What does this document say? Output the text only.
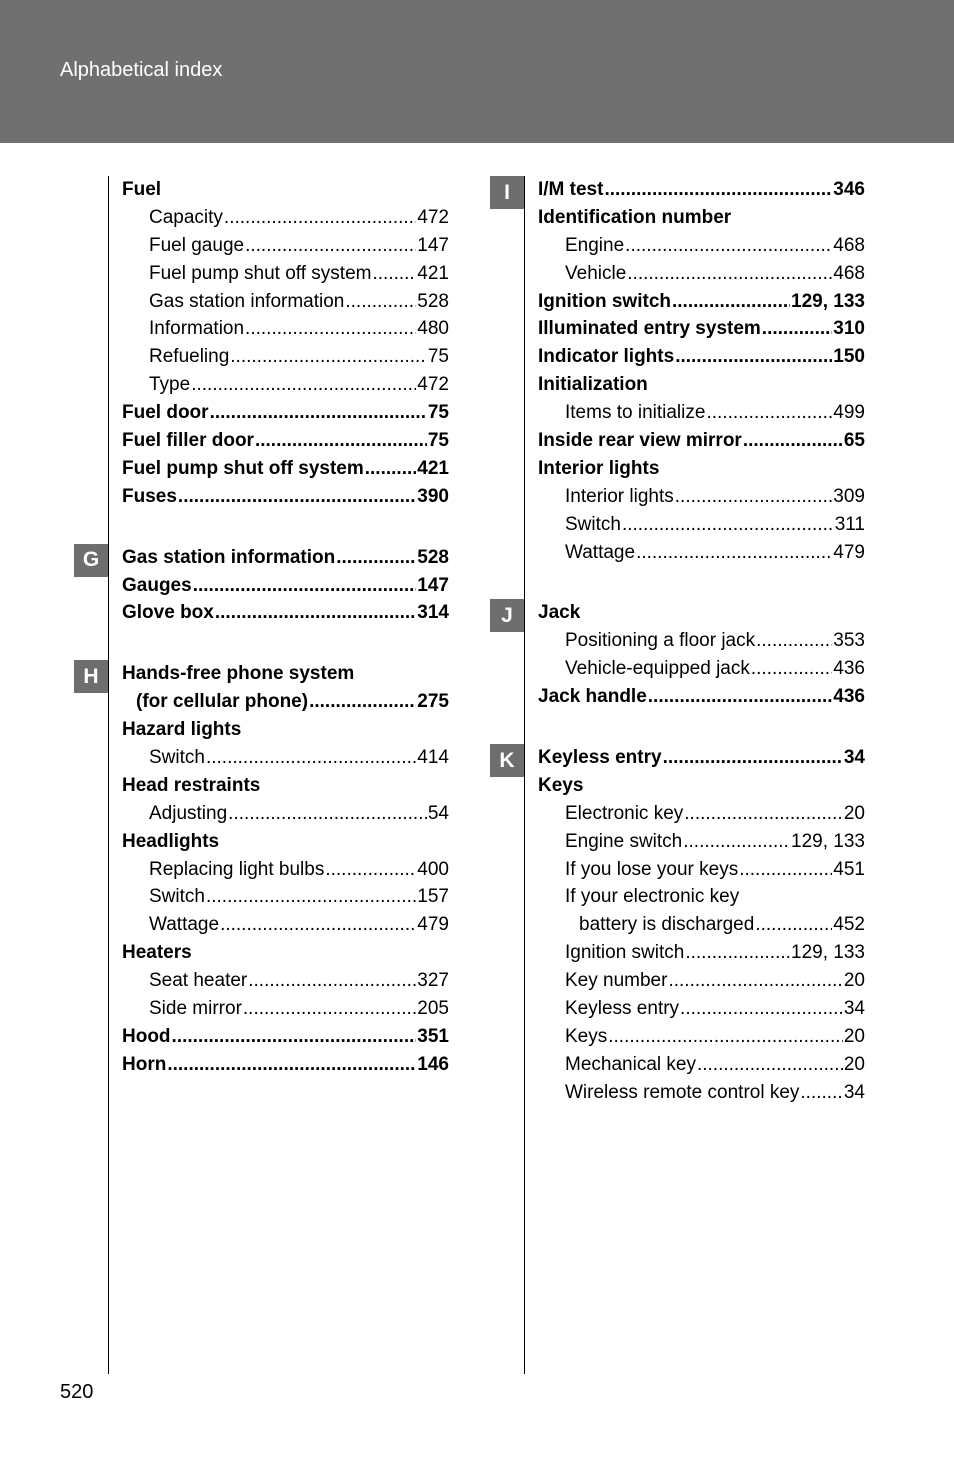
Alphabetical index
Fuel
Capacity .....	472
Fuel gauge .....	147
Fuel pump shut off system ..... 421
Gas station information .....	528
Information .....	480
Refueling .....	75
Type .....	472
Fuel door .....	75
Fuel filler door .....	75
Fuel pump shut off system .....	421
Fuses .....	390
G	Gas station information .....	528
Gauges .....	147
Glove box .....	314
H	Hands-free phone system
(for cellular phone) .....	275
Hazard lights
Switch .....	414
Head restraints
Adjusting .....	54
Headlights
Replacing light bulbs .....	400
Switch .....	157
Wattage .....	479
Heaters
Seat heater .....	327
Side mirror .....	205
Hood .....	351
Horn .....	146
I	I/M test .....	346
Identification number
Engine .....	468
Vehicle .....	468
Ignition switch .....	129, 133
Illuminated entry system .....	310
Indicator lights .....	150
Initialization
Items to initialize .....	499
Inside rear view mirror .....	65
Interior lights
Interior lights .....	309
Switch .....	311
Wattage .....	479
J	Jack
Positioning a floor jack .....	353
Vehicle-equipped jack .....	436
Jack handle .....	436
K	Keyless entry .....	34
Keys
Electronic key .....	20
Engine switch .....	129, 133
If you lose your keys .....	451
If your electronic key
battery is discharged .....	452
Ignition switch .....	129, 133
Key number .....	20
Keyless entry .....	34
Keys .....	20
Mechanical key .....	20
Wireless remote control key ..... 34
520
